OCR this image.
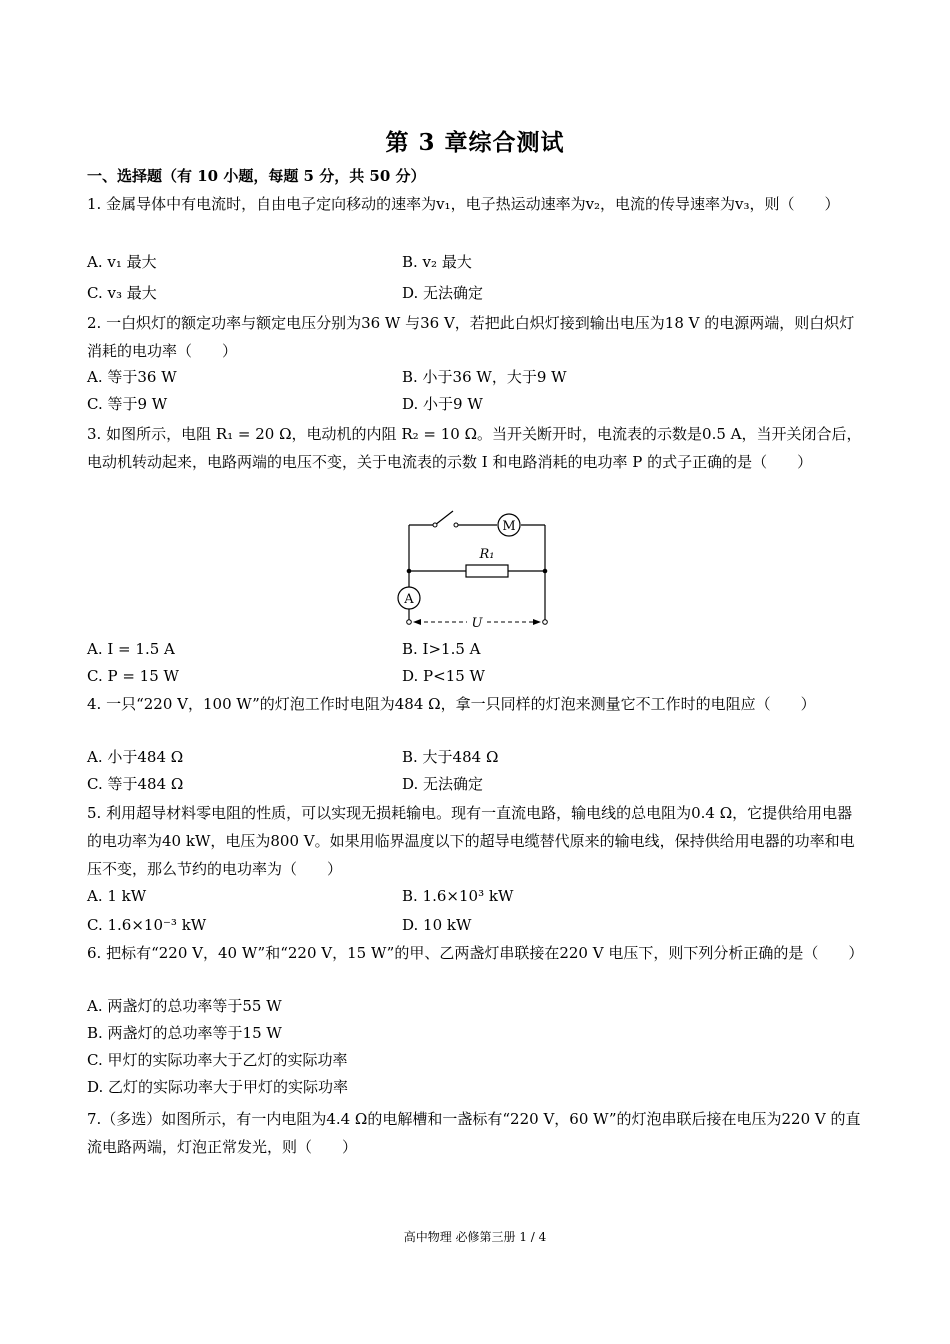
第 3 章综合测试
一、选择题（有 10 小题，每题 5 分，共 50 分）
1. 金属导体中有电流时，自由电子定向移动的速率为v₁，电子热运动速率为v₂，电流的传导速率为v₃，则（　　）
A. v₁ 最大	B. v₂ 最大
C. v₃ 最大	D. 无法确定
2. 一白炽灯的额定功率与额定电压分别为36 W 与36 V，若把此白炽灯接到输出电压为18 V 的电源两端，则白炽灯消耗的电功率（　　）
A. 等于36 W	B. 小于36 W，大于9 W
C. 等于9 W	D. 小于9 W
3. 如图所示，电阻 R₁ = 20 Ω，电动机的内阻 R₂ = 10 Ω。当开关断开时，电流表的示数是0.5 A，当开关闭合后，电动机转动起来，电路两端的电压不变，关于电流表的示数 I 和电路消耗的电功率 P 的式子正确的是（　　）
M
R₁
A
U
A. I = 1.5 A	B. I>1.5 A
C. P = 15 W	D. P<15 W
4. 一只“220 V，100 W”的灯泡工作时电阻为484 Ω，拿一只同样的灯泡来测量它不工作时的电阻应（　　）
A. 小于484 Ω	B. 大于484 Ω
C. 等于484 Ω	D. 无法确定
5. 利用超导材料零电阻的性质，可以实现无损耗输电。现有一直流电路，输电线的总电阻为0.4 Ω，它提供给用电器的电功率为40 kW，电压为800 V。如果用临界温度以下的超导电缆替代原来的输电线，保持供给用电器的功率和电压不变，那么节约的电功率为（　　）
A. 1 kW	B. 1.6×10³ kW
C. 1.6×10⁻³ kW	D. 10 kW
6. 把标有“220 V，40 W”和“220 V，15 W”的甲、乙两盏灯串联接在220 V 电压下，则下列分析正确的是（　　）
A. 两盏灯的总功率等于55 W
B. 两盏灯的总功率等于15 W
C. 甲灯的实际功率大于乙灯的实际功率
D. 乙灯的实际功率大于甲灯的实际功率
7.（多选）如图所示，有一内电阻为4.4 Ω的电解槽和一盏标有“220 V，60 W”的灯泡串联后接在电压为220 V 的直流电路两端，灯泡正常发光，则（　　）
高中物理 必修第三册 1 / 4
